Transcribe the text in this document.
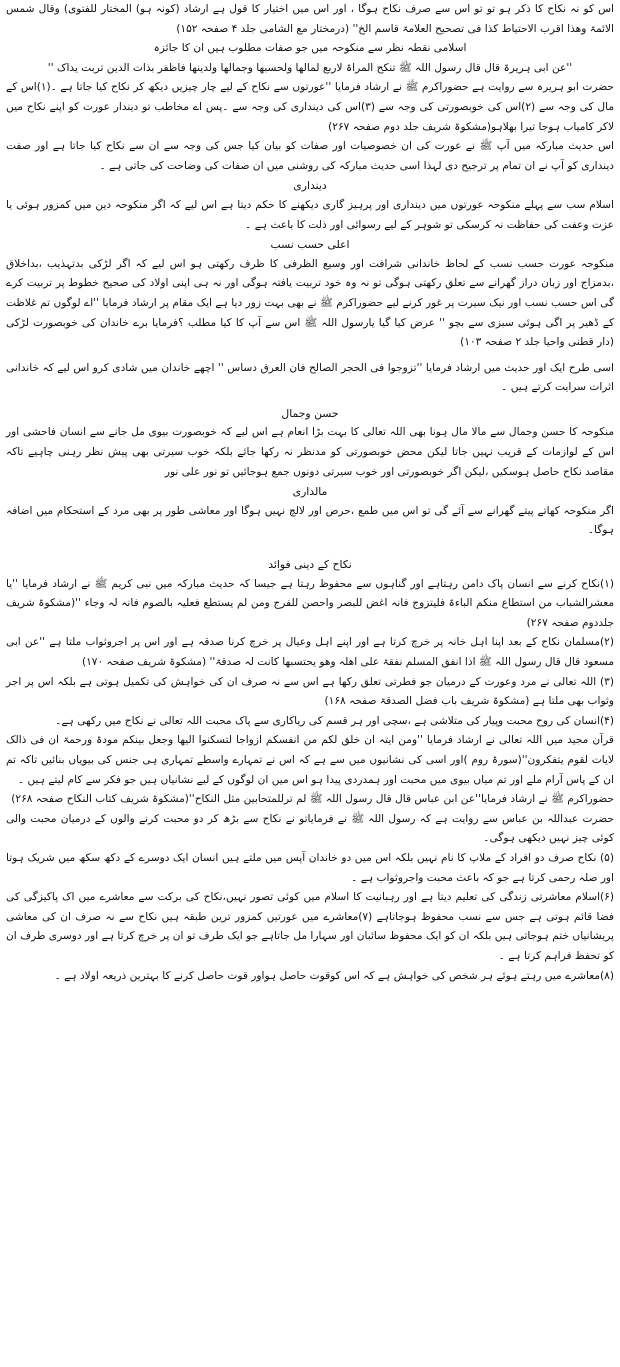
اس کو نہ نکاح کا ذکر ہو تو تو اس سے صرف نکاح ہوگا ، اور اس میں اختیار کا قول ہے ارشاد (کونہ ہو) المختار للفتوی) وقال شمس الائمۃ وھذا اقرب الاحتیاط کذا فی تصحیح العلامۃ قاسم الخ'' (درمختار مع الشامی جلد ۴ صفحہ ۱۵۲)

اسلامی نقطہ نظر سے منکوحہ میں جو صفات مطلوب ہیں ان کا جائزہ

''عن ابی ہریرۃ قال قال رسول اللہ ﷺ تنکح المراۃ لاربع لمالھا ولحسبھا وجمالھا ولدینھا فاظفر بذات الدین تربت یداک ''

حضرت ابو ہریرہ سے روایت ہے حضوراکرم ﷺ نے ارشاد فرمایا ''عورتوں سے نکاح کے لیے چار چیزیں دیکھ کر نکاح کیا جاتا ہے ۔(۱)اس کے مال کی وجہ سے (۲)اس کی خوبصورتی کی وجہ سے (۳)اس کی دینداری کی وجہ سے ۔پس اے مخاطب تو دیندار عورت کو اپنے نکاح میں لاکر کامیاب ہوجا تیرا بھلاہو(مشکوۃ شریف جلد دوم صفحہ ۲۶۷)

اس حدیث مبارکہ میں آپ ﷺ نے عورت کی ان خصوصیات اور صفات کو بیان کیا جس کی وجہ سے ان سے نکاح کیا جاتا ہے اور صفت دینداری کو آپ نے ان تمام پر ترجیح دی لہذا اسی حدیث مبارکہ کی روشنی میں ان صفات کی وضاحت کی جاتی ہے ۔

دینداری

اسلام سب سے پہلے منکوحہ عورتوں میں دینداری اور پرہیز گاری دیکھنے کا حکم دیتا ہے اس لیے کہ اگر منکوحہ دین میں کمزور ہوئی یا عزت وعفت کی حفاظت نہ کرسکی تو شوہر کے لیے رسوائی اور ذلت کا باعث ہے ۔

اعلی حسب نسب

منکوحہ عورت حسب نسب کے لحاظ خاندانی شرافت اور وسیع الظرفی کا ظرف رکھتی ہو اس لیے کہ اگر لڑکی بدتہذیب ،بداخلاق ،بدمزاج اور زبان دراز گھرانے سے تعلق رکھتی ہوگی تو نہ وہ خود تربیت یافتہ ہوگی اور نہ ہی اپنی اولاد کی صحیح خطوط پر تربیت کرے گی اس حسب نسب اور نیک سیرت پر غور کرنے لیے حضوراکرم ﷺ نے بھی بہت زور دیا ہے ایک مقام پر ارشاد فرمایا ''اے لوگوں تم غلاظت کے ڈھیر پر اگی ہوئی سبزی سے بچو '' عرض کیا گیا یارسول اللہ ﷺ اس سے آپ کا کیا مطلب ؟فرمایا برے خاندان کی خوبصورت لڑکی (دار قطنی واحیا جلد ۲ صفحہ ۱۰۳)

اسی طرح ایک اور حدیث میں ارشاد فرمایا ''تزوجوا فی الحجر الصالح فان العرق دساس '' اچھے خاندان میں شادی کرو اس لیے کہ خاندانی اثرات سرایت کرتے ہیں ۔

حسن وجمال

منکوحہ کا حسن وجمال سے مالا مال ہونا بھی اللہ تعالی کا بہت بڑا انعام ہے اس لیے کہ خوبصورت بیوی مل جانے سے انسان فاحشی اور اس کے لوازمات کے قریب نہیں جاتا لیکن محض خوبصورتی کو مدنظر نہ رکھا جائے بلکہ خوب سیرتی بھی پیش نظر رہنی چاہیے تاکہ مقاصد نکاح حاصل ہوسکیں ،لیکن اگر خوبصورتی اور خوب سیرتی دونوں جمع ہوجائیں تو نور علی نور

مالداری

اگر منکوحہ کھاتے پیتے گھرانے سے آئے گی تو اس میں طمع ،حرص اور لالچ نہیں ہوگا اور معاشی طور پر بھی مرد کے استحکام میں اضافہ ہوگا۔

نکاح کے دینی فوائد

(۱)نکاح کرنے سے انسان پاک دامن رہتاہے اور گناہوں سے محفوظ رہتا ہے جیسا کہ حدیث مبارکہ میں نبی کریم ﷺ نے ارشاد فرمایا ''یا معشرالشباب من استطاع منکم الباءۃ فلیتزوج فانہ اغض للبصر واحصن للفرج ومن لم یستطع فعلیہ بالصوم فانہ لہ وجاء ''(مشکوۃ شریف جلددوم صفحہ ۲۶۷)

(۲)مسلمان نکاح کے بعد اپنا اہل خانہ پر خرچ کرتا ہے اور اپنے اہل وعیال پر خرچ کرنا صدقہ ہے اور اس پر اجروثواب ملتا ہے ''عن ابی مسعود قال قال رسول اللہ ﷺ اذا انفق المسلم نفقۃ علی اھلہ وھو یحتسبھا کانت لہ صدقۃ'' (مشکوۃ شریف صفحہ ۱۷۰)

(۳) اللہ تعالی نے مرد وعورت کے درمیان جو فطرتی تعلق رکھا ہے اس سے نہ صرف ان کی خواہش کی تکمیل ہوتی ہے بلکہ اس پر اجر وثواب بھی ملتا ہے (مشکوۃ شریف باب فضل الصدقۃ صفحہ ۱۶۸)

(۴)انسان کی روح محبت وپیار کی متلاشی ہے ،سچی اور ہر قسم کی ریاکاری سے پاک محبت اللہ تعالی نے نکاح میں رکھی ہے۔

قرآن مجید میں اللہ تعالی نے ارشاد فرمایا ''ومن ایتہ ان خلق لکم من انفسکم ازواجا لتسکنوا الیھا وجعل بینکم مودۃ ورحمۃ ان فی ذالک لایات لقوم یتفکرون''(سورۃ روم )اور اسی کی نشانیوں میں سے ہے کہ اس نے تمہارے واسطے تمہاری ہی جنس کی بیویاں بنائیں تاکہ تم ان کے پاس آرام ملے اور تم میاں بیوی میں محبت اور ہمدردی پیدا ہو اس میں ان لوگوں کے لیے نشانیاں ہیں جو فکر سے کام لیتے ہیں ۔

حضوراکرم ﷺ نے ارشاد فرمایا''عن ابن عباس قال قال رسول اللہ ﷺ لم ترللمتحابین مثل النکاح''(مشکوۃ شریف کتاب النکاح صفحہ ۲۶۸)

حضرت عبداللہ بن عباس سے روایت ہے کہ رسول اللہ ﷺ نے فرمایاتو نے نکاح سے بڑھ کر دو محبت کرنے والوں کے درمیان محبت والی کوئی چیز نہیں دیکھی ہوگی۔

(۵) نکاح صرف دو افراد کے ملاپ کا نام نہیں بلکہ اس میں دو خاندان آپس میں ملتے ہیں انسان ایک دوسرے کے دکھ سکھ میں شریک ہوتا اور صلہ رحمی کرتا ہے جو کہ باعث محبت واجروثواب ہے ۔

(۶)اسلام معاشرتی زندگی کی تعلیم دیتا ہے اور رہبانیت کا اسلام میں کوئی تصور نہیں،نکاح کی برکت سے معاشرے میں اک پاکیزگی کی فضا قائم ہوتی ہے جس سے نسب محفوظ ہوجاتاہے (۷)معاشرے میں عورتیں کمزور ترین طبقہ ہیں نکاح سے نہ صرف ان کی معاشی پریشانیاں ختم ہوجاتی ہیں بلکہ ان کو ایک محفوظ سائبان اور سہارا مل جاتاہے جو ایک طرف تو ان پر خرچ کرتا ہے اور دوسری طرف ان کو تحفظ فراہم کرتا ہے ۔

(۸)معاشرے میں رہتے ہوئے ہر شخص کی خواہش ہے کہ اس کوقوت حاصل ہواور قوت حاصل کرنے کا بہترین ذریعہ اولاد ہے ۔
